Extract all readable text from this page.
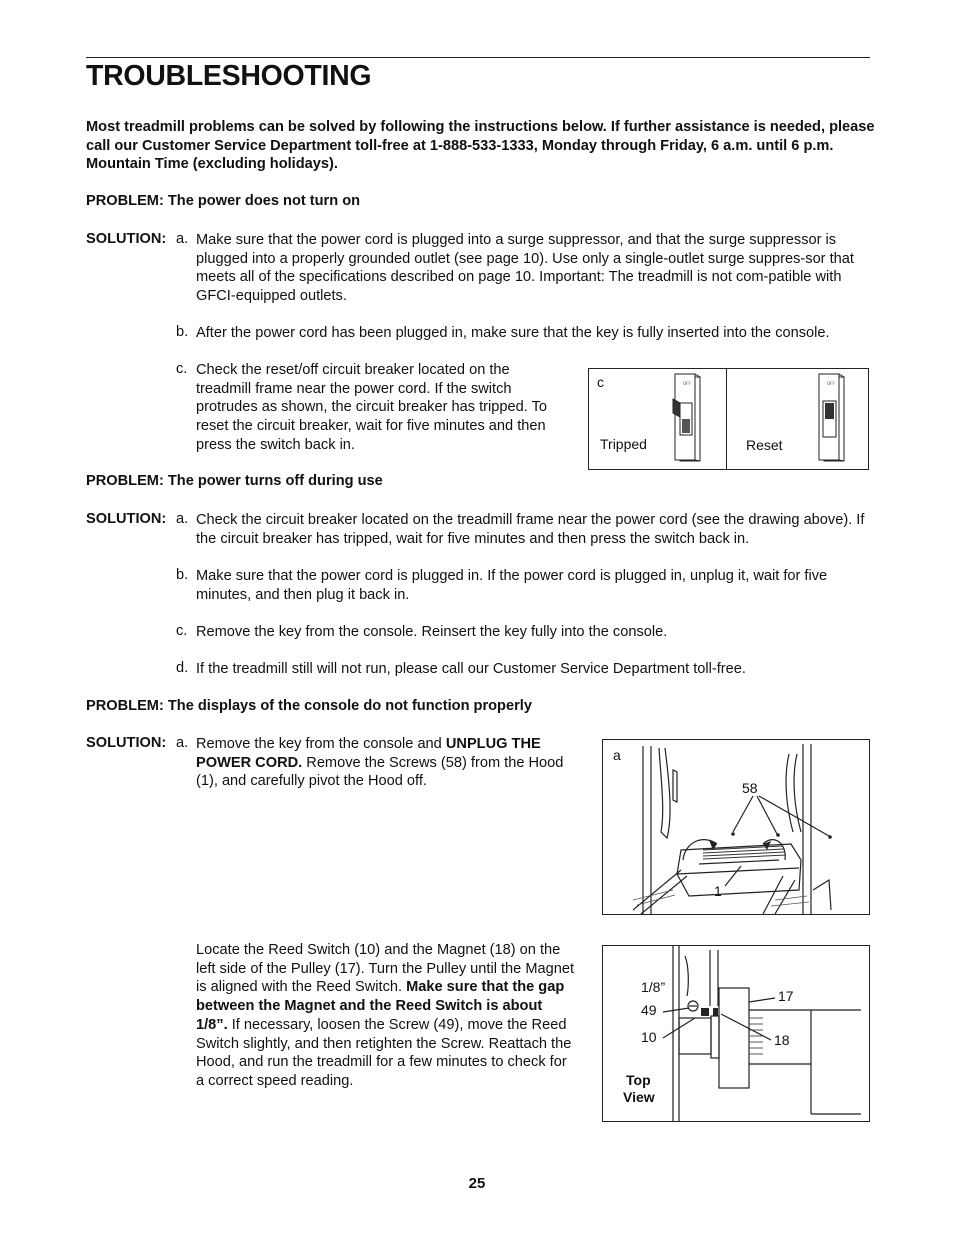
TROUBLESHOOTING
Most treadmill problems can be solved by following the instructions below. If further assistance is needed, please call our Customer Service Department toll-free at 1-888-533-1333, Monday through Friday, 6 a.m. until 6 p.m. Mountain Time (excluding holidays).
PROBLEM: The power does not turn on
SOLUTION: a. Make sure that the power cord is plugged into a surge suppressor, and that the surge suppressor is plugged into a properly grounded outlet (see page 10). Use only a single-outlet surge suppres-sor that meets all of the specifications described on page 10. Important: The treadmill is not com-patible with GFCI-equipped outlets.
b. After the power cord has been plugged in, make sure that the key is fully inserted into the console.
c. Check the reset/off circuit breaker located on the treadmill frame near the power cord. If the switch protrudes as shown, the circuit breaker has tripped. To reset the circuit breaker, wait for five minutes and then press the switch back in.
c
Tripped	Reset
OFF	OFF
PROBLEM: The power turns off during use
SOLUTION: a. Check the circuit breaker located on the treadmill frame near the power cord (see the drawing above). If the circuit breaker has tripped, wait for five minutes and then press the switch back in.
b. Make sure that the power cord is plugged in. If the power cord is plugged in, unplug it, wait for five minutes, and then plug it back in.
c. Remove the key from the console. Reinsert the key fully into the console.
d. If the treadmill still will not run, please call our Customer Service Department toll-free.
PROBLEM: The displays of the console do not function properly
SOLUTION: a. Remove the key from the console and UNPLUG THE POWER CORD. Remove the Screws (58) from the Hood (1), and carefully pivot the Hood off.
a
58
1
Locate the Reed Switch (10) and the Magnet (18) on the left side of the Pulley (17). Turn the Pulley until the Magnet is aligned with the Reed Switch. Make sure that the gap between the Magnet and the Reed Switch is about 1/8”. If necessary, loosen the Screw (49), move the Reed Switch slightly, and then retighten the Screw. Reattach the Hood, and run the treadmill for a few minutes to check for a correct speed reading.
1/8”
49
10
17
18
Top
View
25
